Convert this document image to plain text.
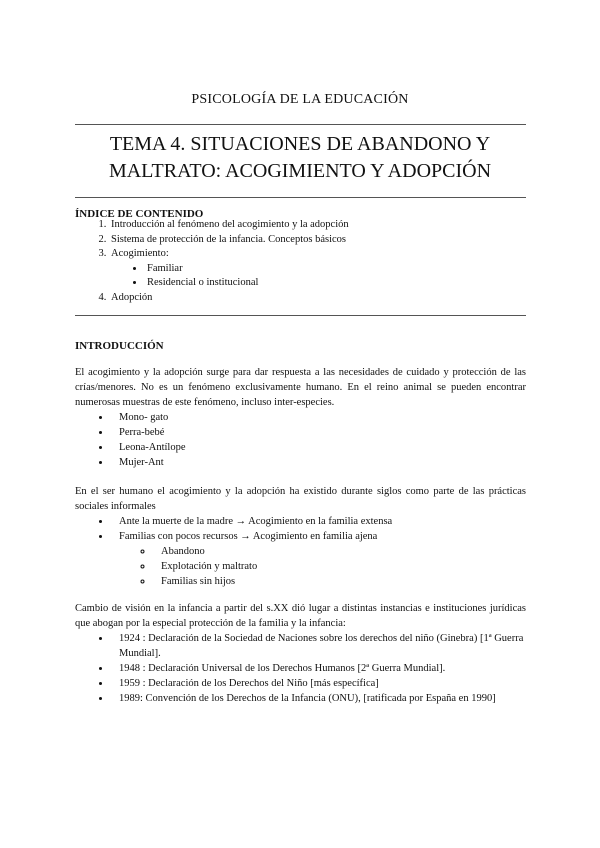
PSICOLOGÍA DE LA EDUCACIÓN
TEMA 4. SITUACIONES DE ABANDONO Y
MALTRATO: ACOGIMIENTO Y ADOPCIÓN
ÍNDICE DE CONTENIDO
1. Introducción al fenómeno del acogimiento y la adopción
2. Sistema de protección de la infancia. Conceptos básicos
3. Acogimiento:
• Familiar
• Residencial o institucional
4. Adopción
INTRODUCCIÓN
El acogimiento y la adopción surge para dar respuesta a las necesidades de cuidado y protección de las crías/menores. No es un fenómeno exclusivamente humano. En el reino animal se pueden encontrar numerosas muestras de este fenómeno, incluso inter-especies.
• Mono- gato
• Perra-bebé
• Leona-Antílope
• Mujer-Ant
En el ser humano el acogimiento y la adopción ha existido durante siglos como parte de las prácticas sociales informales
• Ante la muerte de la madre → Acogimiento en la familia extensa
• Familias con pocos recursos → Acogimiento en familia ajena
◦ Abandono
◦ Explotación y maltrato
◦ Familias sin hijos
Cambio de visión en la infancia a partir del s.XX dió lugar a distintas instancias e instituciones jurídicas que abogan por la especial protección de la familia y la infancia:
• 1924 : Declaración de la Sociedad de Naciones sobre los derechos del niño (Ginebra) [1ª Guerra Mundial].
• 1948 : Declaración Universal de los Derechos Humanos [2ª Guerra Mundial].
• 1959 : Declaración de los Derechos del Niño [más específica]
• 1989: Convención de los Derechos de la Infancia (ONU), [ratificada por España en 1990]
